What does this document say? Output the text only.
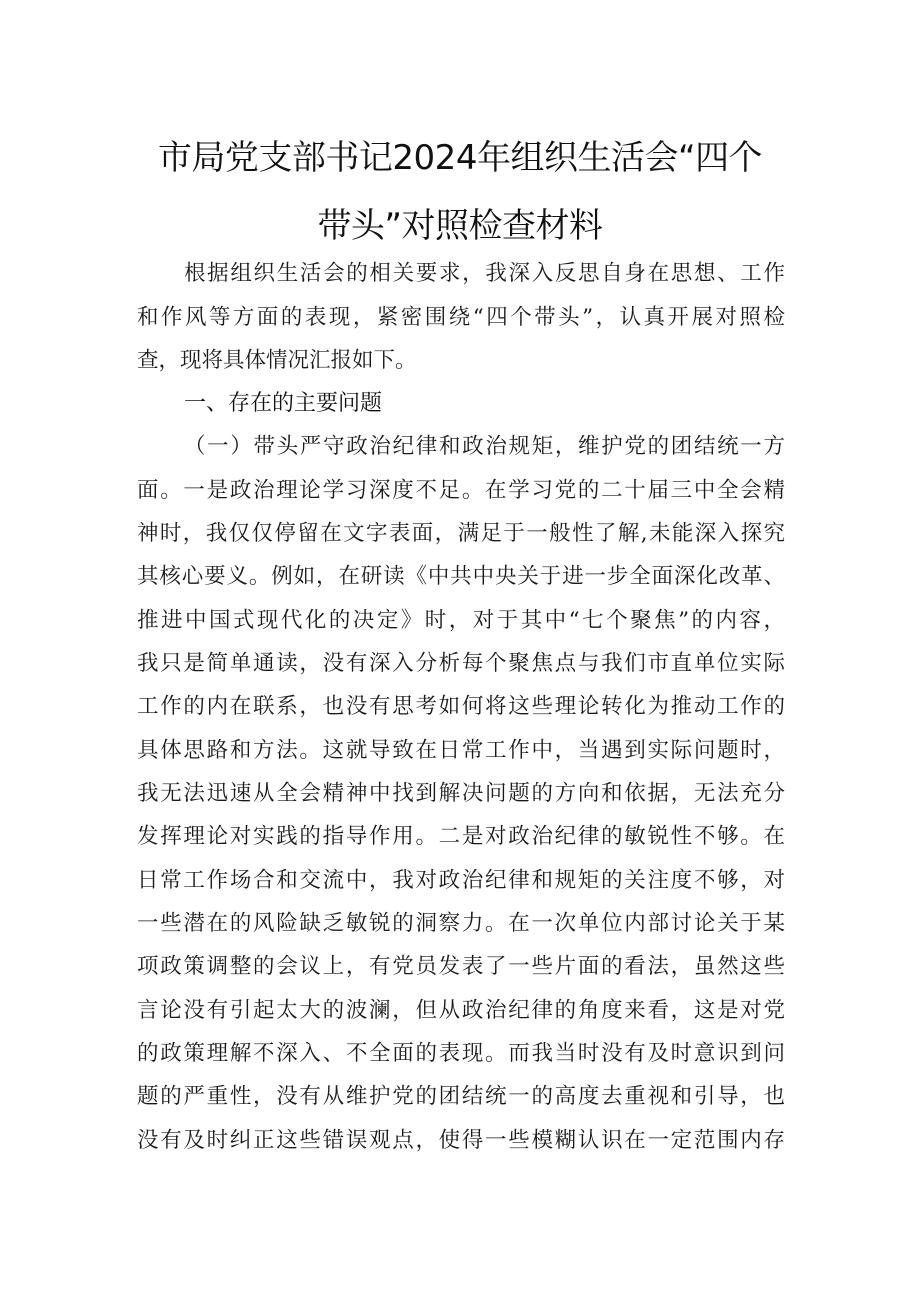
市局党支部书记2024年组织生活会“四个
带头”对照检查材料
根据组织生活会的相关要求，我深入反思自身在思想、工作
和作风等方面的表现，紧密围绕“四个带头”，认真开展对照检
查，现将具体情况汇报如下。
一、存在的主要问题
（一）带头严守政治纪律和政治规矩，维护党的团结统一方
面。一是政治理论学习深度不足。在学习党的二十届三中全会精
神时，我仅仅停留在文字表面，满足于一般性了解,未能深入探究
其核心要义。例如，在研读《中共中央关于进一步全面深化改革、
推进中国式现代化的决定》时，对于其中“七个聚焦”的内容，
我只是简单通读，没有深入分析每个聚焦点与我们市直单位实际
工作的内在联系，也没有思考如何将这些理论转化为推动工作的
具体思路和方法。这就导致在日常工作中，当遇到实际问题时，
我无法迅速从全会精神中找到解决问题的方向和依据，无法充分
发挥理论对实践的指导作用。二是对政治纪律的敏锐性不够。在
日常工作场合和交流中，我对政治纪律和规矩的关注度不够，对
一些潜在的风险缺乏敏锐的洞察力。在一次单位内部讨论关于某
项政策调整的会议上，有党员发表了一些片面的看法，虽然这些
言论没有引起太大的波澜，但从政治纪律的角度来看，这是对党
的政策理解不深入、不全面的表现。而我当时没有及时意识到问
题的严重性，没有从维护党的团结统一的高度去重视和引导，也
没有及时纠正这些错误观点，使得一些模糊认识在一定范围内存
